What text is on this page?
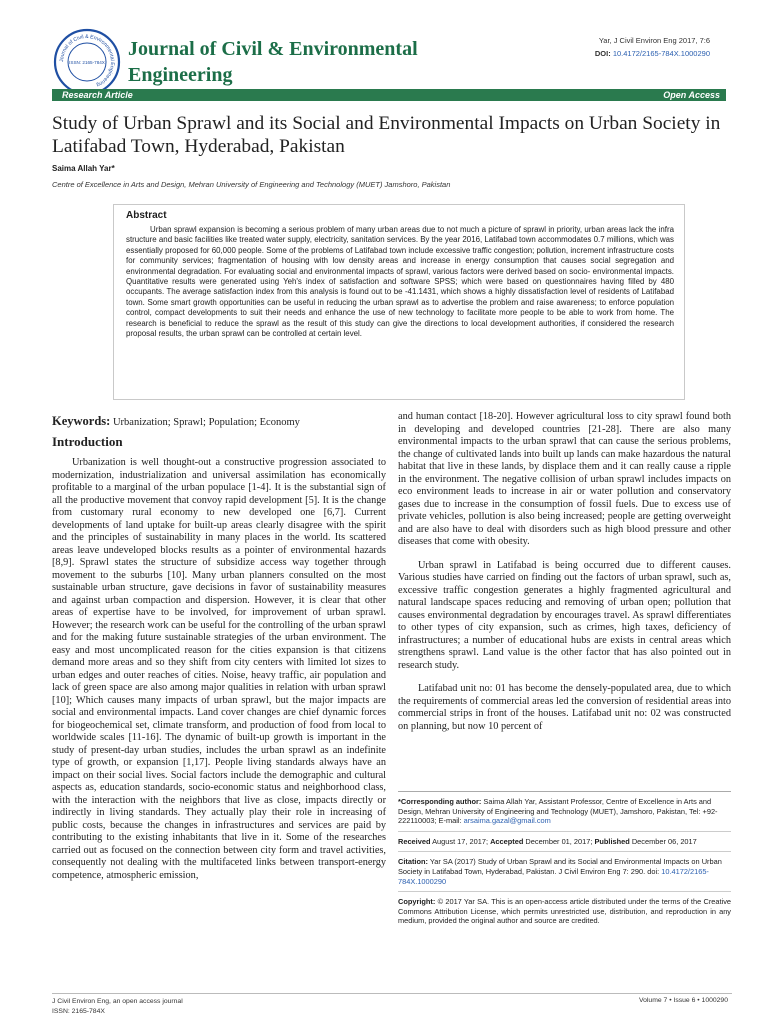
Journal of Civil & Environmental Engineering
ISSN: 2165-784X
Journal of Civil & Environmental Engineering
Yar, J Civil Environ Eng 2017, 7:6
DOI: 10.4172/2165-784X.1000290
Research Article	Open Access
Study of Urban Sprawl and its Social and Environmental Impacts on Urban Society in Latifabad Town, Hyderabad, Pakistan
Saima Allah Yar*
Centre of Excellence in Arts and Design, Mehran University of Engineering and Technology (MUET) Jamshoro, Pakistan
Abstract
Urban sprawl expansion is becoming a serious problem of many urban areas due to not much a picture of sprawl in priority, urban areas lack the infra structure and basic facilities like treated water supply, electricity, sanitation services. By the year 2016, Latifabad town accommodates 0.7 millions, which was essentially proposed for 60,000 people. Some of the problems of Latifabad town include excessive traffic congestion; pollution, increment infrastructure costs for community services; fragmentation of housing with low density areas and increase in energy consumption that causes social segregation and environmental degradation. For evaluating social and environmental impacts of sprawl, various factors were derived based on socio- environmental impacts. Quantitative results were generated using Yeh's index of satisfaction and software SPSS; which were based on questionnaires having filled by 480 occupants. The average satisfaction index from this analysis is found out to be -41.1431, which shows a highly dissatisfaction level of residents of Latifabad town. Some smart growth opportunities can be useful in reducing the urban sprawl as to advertise the problem and raise awareness; to enforce population control, compact developments to suit their needs and enhance the use of new technology to facilitate more people to be able to work from home. The research is beneficial to reduce the sprawl as the result of this study can give the directions to local development authorities, if considered the research proposal results, the urban sprawl can be controlled at certain level.
Keywords: Urbanization; Sprawl; Population; Economy
Introduction

Urbanization is well thought-out a constructive progression associated to modernization, industrialization and universal assimilation has economically profitable to a marginal of the urban populace [1-4]. It is the substantial sign of all the productive movement that convoy rapid development [5]. It is the change from customary rural economy to new developed one [6,7]. Current developments of land uptake for built-up areas clearly disagree with the spirit and the principles of sustainability in many places in the world. Its scattered areas leave undeveloped blocks results as a pointer of environmental hazards [8,9]. Sprawl states the structure of subsidize access way together through movement to the suburbs [10]. Many urban planners consulted on the most sustainable urban structure, gave decisions in favor of sustainability measures and against urban compaction and dispersion. However, it is clear that other areas of expertise have to be involved, for improvement of urban sprawl. However; the research work can be useful for the controlling of the urban sprawl and for the making future sustainable strategies of the urban environment. The easy and most uncomplicated reason for the cities expansion is that citizens demand more areas and so they shift from city centers with limited lot sizes to urban edges and outer reaches of cities. Noise, heavy traffic, air population and lack of green space are also among major qualities in relation with urban sprawl [10]; Which causes many impacts of urban sprawl, but the major impacts are social and environmental impacts. Land cover changes are chief dynamic forces for biogeochemical set, climate transform, and production of food from local to worldwide scales [11-16]. The dynamic of built-up growth is important in the study of present-day urban studies, includes the urban sprawl as an indefinite type of growth, or expansion [1,17]. People living standards always have an impact on their social lives. Social factors include the demographic and cultural aspects as, education standards, socio-economic status and neighborhood class, with the interaction with the neighbors that live as close, impacts directly or indirectly in living standards. They actually play their role in increasing of public costs, because the changes in infrastructures and services are paid by contributing to the existing inhabitants that live in it. Some of the researches carried out as focused on the connection between city form and travel activities, consequently not dealing with the multifaceted links between transport-energy competence, atmospheric emission,

and human contact [18-20]. However agricultural loss to city sprawl found both in developing and developed countries [21-28]. There are also many environmental impacts to the urban sprawl that can cause the serious problems, the change of cultivated lands into built up lands can make hazardous the natural habitat that live in these lands, by displace them and it can really cause a ripple in the environment. The negative collision of urban sprawl includes impacts on eco environment leads to increase in air or water pollution and conservatory gases due to increase in the consumption of fossil fuels. Due to excess use of private vehicles, pollution is also being increased; people are getting overweight and are also have to deal with disorders such as high blood pressure and other diseases that come with obesity.

Urban sprawl in Latifabad is being occurred due to different causes. Various studies have carried on finding out the factors of urban sprawl, such as, excessive traffic congestion generates a highly fragmented agricultural and natural landscape spaces reducing and removing of urban open; pollution that causes environmental degradation by encourages travel. As sprawl differentiates to other types of city expansion, such as crimes, high taxes, deficiency of infrastructures; a number of educational hubs are exists in central areas which strengthens sprawl. Land value is the other factor that has also pointed out in research study.

Latifabad unit no: 01 has become the densely-populated area, due to which the requirements of commercial areas led the conversion of residential areas into commercial strips in front of the houses. Latifabad unit no: 02 was constructed on planning, but now 10 percent of

*Corresponding author: Saima Allah Yar, Assistant Professor, Centre of Excellence in Arts and Design, Mehran University of Engineering and Technology (MUET), Jamshoro, Pakistan, Tel: +92-222110003; E-mail: arsaima.gazal@gmail.com

Received August 17, 2017; Accepted December 01, 2017; Published December 06, 2017

Citation: Yar SA (2017) Study of Urban Sprawl and its Social and Environmental Impacts on Urban Society in Latifabad Town, Hyderabad, Pakistan. J Civil Environ Eng 7: 290. doi: 10.4172/2165-784X.1000290

Copyright: © 2017 Yar SA. This is an open-access article distributed under the terms of the Creative Commons Attribution License, which permits unrestricted use, distribution, and reproduction in any medium, provided the original author and source are credited.

J Civil Environ Eng, an open access journal
ISSN: 2165-784X
Volume 7 • Issue 6 • 1000290
